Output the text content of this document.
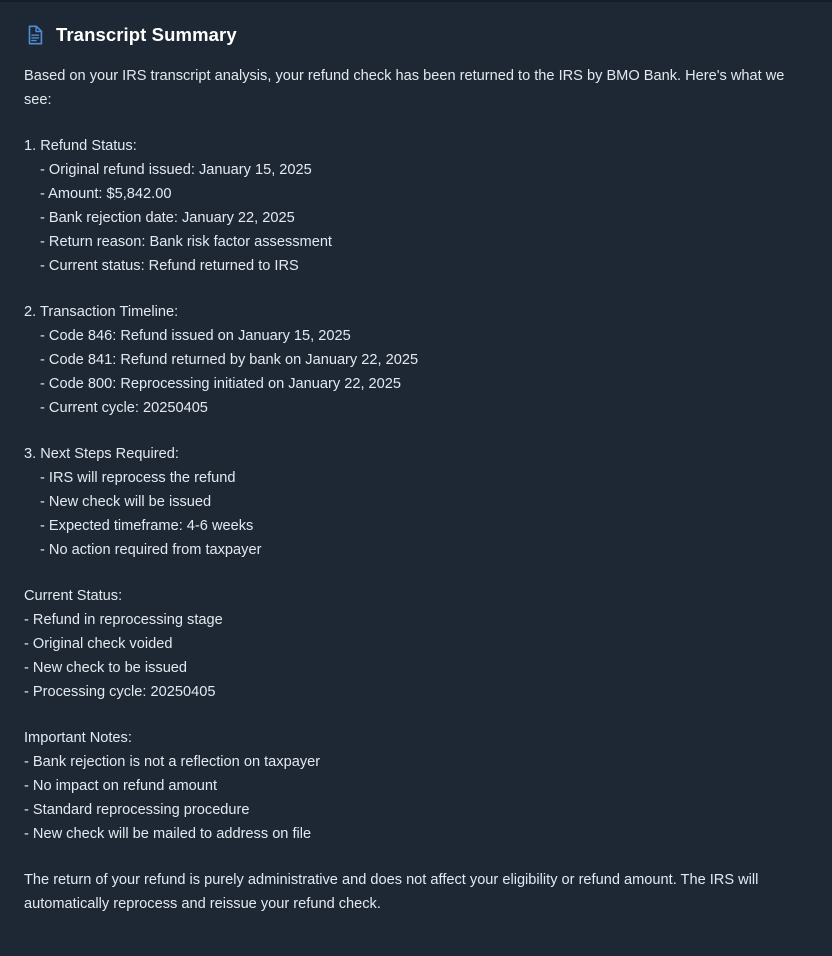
Transcript Summary
Based on your IRS transcript analysis, your refund check has been returned to the IRS by BMO Bank. Here's what we see:
1. Refund Status:
- Original refund issued: January 15, 2025
- Amount: $5,842.00
- Bank rejection date: January 22, 2025
- Return reason: Bank risk factor assessment
- Current status: Refund returned to IRS
2. Transaction Timeline:
- Code 846: Refund issued on January 15, 2025
- Code 841: Refund returned by bank on January 22, 2025
- Code 800: Reprocessing initiated on January 22, 2025
- Current cycle: 20250405
3. Next Steps Required:
- IRS will reprocess the refund
- New check will be issued
- Expected timeframe: 4-6 weeks
- No action required from taxpayer
Current Status:
- Refund in reprocessing stage
- Original check voided
- New check to be issued
- Processing cycle: 20250405
Important Notes:
- Bank rejection is not a reflection on taxpayer
- No impact on refund amount
- Standard reprocessing procedure
- New check will be mailed to address on file
The return of your refund is purely administrative and does not affect your eligibility or refund amount. The IRS will automatically reprocess and reissue your refund check.
